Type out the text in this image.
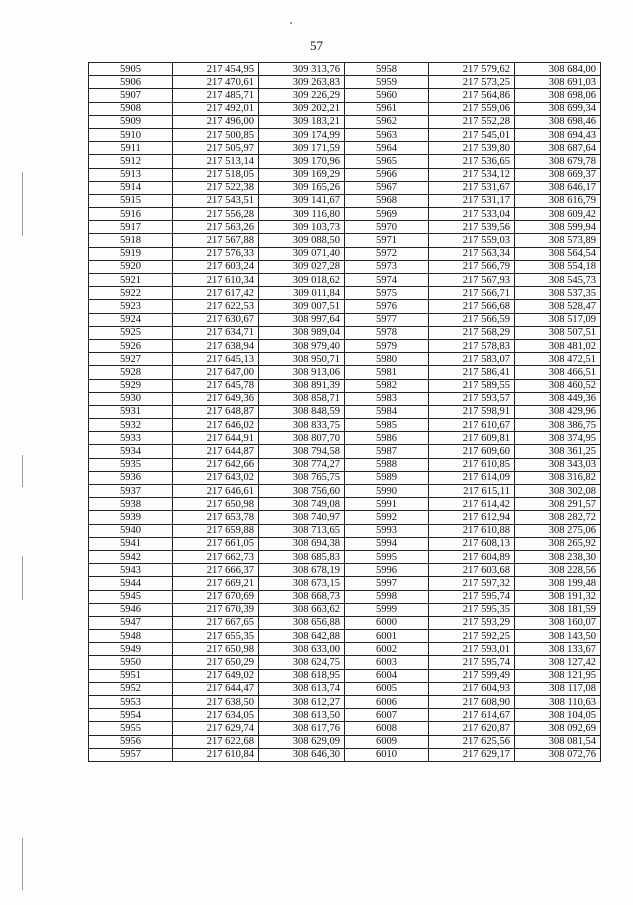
57
5905	217 454,95	309 313,76	5958	217 579,62	308 684,00
5906	217 470,61	309 263,83	5959	217 573,25	308 691,03
5907	217 485,71	309 226,29	5960	217 564,86	308 698,06
5908	217 492,01	309 202,21	5961	217 559,06	308 699,34
5909	217 496,00	309 183,21	5962	217 552,28	308 698,46
5910	217 500,85	309 174,99	5963	217 545,01	308 694,43
5911	217 505,97	309 171,59	5964	217 539,80	308 687,64
5912	217 513,14	309 170,96	5965	217 536,65	308 679,78
5913	217 518,05	309 169,29	5966	217 534,12	308 669,37
5914	217 522,38	309 165,26	5967	217 531,67	308 646,17
5915	217 543,51	309 141,67	5968	217 531,17	308 616,79
5916	217 556,28	309 116,80	5969	217 533,04	308 609,42
5917	217 563,26	309 103,73	5970	217 539,56	308 599,94
5918	217 567,88	309 088,50	5971	217 559,03	308 573,89
5919	217 576,33	309 071,40	5972	217 563,34	308 564,54
5920	217 603,24	309 027,28	5973	217 566,79	308 554,18
5921	217 610,34	309 018,62	5974	217 567,93	308 545,73
5922	217 617,42	309 011,84	5975	217 566,71	308 537,35
5923	217 622,53	309 007,51	5976	217 566,68	308 528,47
5924	217 630,67	308 997,64	5977	217 566,59	308 517,09
5925	217 634,71	308 989,04	5978	217 568,29	308 507,51
5926	217 638,94	308 979,40	5979	217 578,83	308 481,02
5927	217 645,13	308 950,71	5980	217 583,07	308 472,51
5928	217 647,00	308 913,06	5981	217 586,41	308 466,51
5929	217 645,78	308 891,39	5982	217 589,55	308 460,52
5930	217 649,36	308 858,71	5983	217 593,57	308 449,36
5931	217 648,87	308 848,59	5984	217 598,91	308 429,96
5932	217 646,02	308 833,75	5985	217 610,67	308 386,75
5933	217 644,91	308 807,70	5986	217 609,81	308 374,95
5934	217 644,87	308 794,58	5987	217 609,60	308 361,25
5935	217 642,66	308 774,27	5988	217 610,85	308 343,03
5936	217 643,02	308 765,75	5989	217 614,09	308 316,82
5937	217 646,61	308 756,60	5990	217 615,11	308 302,08
5938	217 650,98	308 749,08	5991	217 614,42	308 291,57
5939	217 653,78	308 740,97	5992	217 612,94	308 282,72
5940	217 659,88	308 713,65	5993	217 610,88	308 275,06
5941	217 661,05	308 694,38	5994	217 608,13	308 265,92
5942	217 662,73	308 685,83	5995	217 604,89	308 238,30
5943	217 666,37	308 678,19	5996	217 603,68	308 228,56
5944	217 669,21	308 673,15	5997	217 597,32	308 199,48
5945	217 670,69	308 668,73	5998	217 595,74	308 191,32
5946	217 670,39	308 663,62	5999	217 595,35	308 181,59
5947	217 667,65	308 656,88	6000	217 593,29	308 160,07
5948	217 655,35	308 642,88	6001	217 592,25	308 143,50
5949	217 650,98	308 633,00	6002	217 593,01	308 133,67
5950	217 650,29	308 624,75	6003	217 595,74	308 127,42
5951	217 649,02	308 618,95	6004	217 599,49	308 121,95
5952	217 644,47	308 613,74	6005	217 604,93	308 117,08
5953	217 638,50	308 612,27	6006	217 608,90	308 110,63
5954	217 634,05	308 613,50	6007	217 614,67	308 104,05
5955	217 629,74	308 617,76	6008	217 620,87	308 092,69
5956	217 622,68	308 629,09	6009	217 625,56	308 081,54
5957	217 610,84	308 646,30	6010	217 629,17	308 072,76
